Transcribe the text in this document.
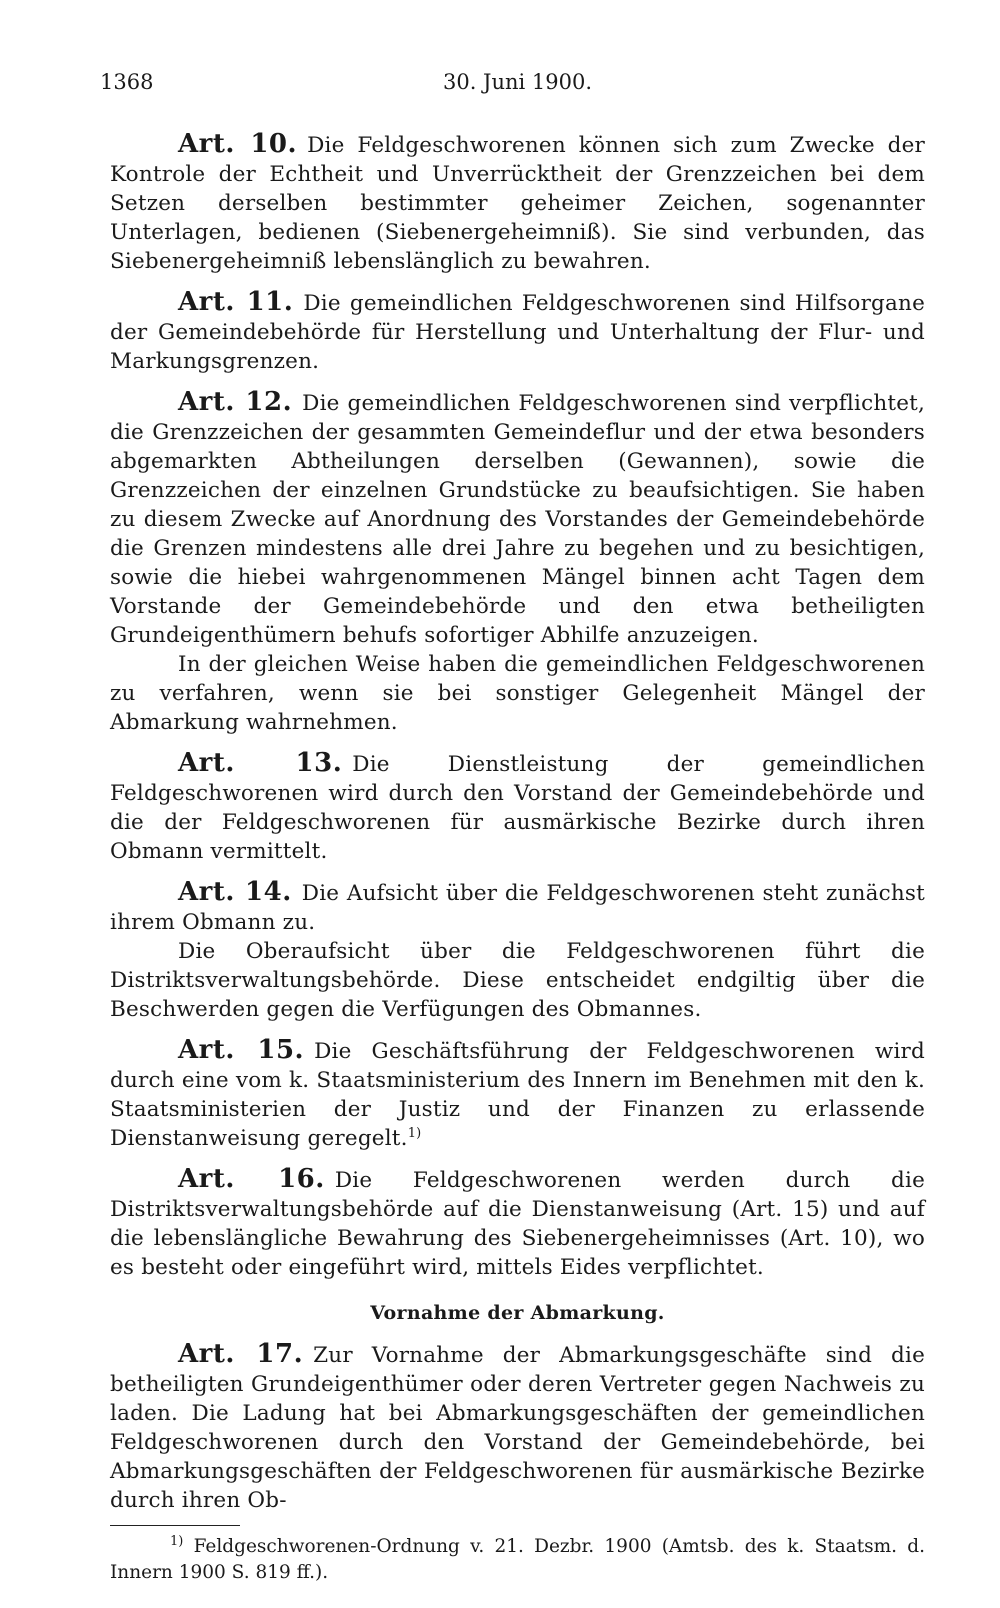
1368	30. Juni 1900.

Art. 10. Die Feldgeschworenen können sich zum Zwecke der Kontrole der Echtheit und Unverrücktheit der Grenzzeichen bei dem Setzen derselben bestimmter geheimer Zeichen, sogenannter Unterlagen, bedienen (Siebenergeheimniß). Sie sind verbunden, das Siebenergeheimniß lebenslänglich zu bewahren.

Art. 11. Die gemeindlichen Feldgeschworenen sind Hilfsorgane der Gemeindebehörde für Herstellung und Unterhaltung der Flur- und Markungsgrenzen.

Art. 12. Die gemeindlichen Feldgeschworenen sind verpflichtet, die Grenzzeichen der gesammten Gemeindeflur und der etwa besonders abgemarkten Abtheilungen derselben (Gewannen), sowie die Grenzzeichen der einzelnen Grundstücke zu beaufsichtigen. Sie haben zu diesem Zwecke auf Anordnung des Vorstandes der Gemeindebehörde die Grenzen mindestens alle drei Jahre zu begehen und zu besichtigen, sowie die hiebei wahrgenommenen Mängel binnen acht Tagen dem Vorstande der Gemeindebehörde und den etwa betheiligten Grundeigenthümern behufs sofortiger Abhilfe anzuzeigen.

In der gleichen Weise haben die gemeindlichen Feldgeschworenen zu verfahren, wenn sie bei sonstiger Gelegenheit Mängel der Abmarkung wahrnehmen.

Art. 13. Die Dienstleistung der gemeindlichen Feldgeschworenen wird durch den Vorstand der Gemeindebehörde und die der Feldgeschworenen für ausmärkische Bezirke durch ihren Obmann vermittelt.

Art. 14. Die Aufsicht über die Feldgeschworenen steht zunächst ihrem Obmann zu.

Die Oberaufsicht über die Feldgeschworenen führt die Distriktsverwaltungsbehörde. Diese entscheidet endgiltig über die Beschwerden gegen die Verfügungen des Obmannes.

Art. 15. Die Geschäftsführung der Feldgeschworenen wird durch eine vom k. Staatsministerium des Innern im Benehmen mit den k. Staatsministerien der Justiz und der Finanzen zu erlassende Dienstanweisung geregelt.$^{1)}$

Art. 16. Die Feldgeschworenen werden durch die Distriktsverwaltungsbehörde auf die Dienstanweisung (Art. 15) und auf die lebenslängliche Bewahrung des Siebenergeheimnisses (Art. 10), wo es besteht oder eingeführt wird, mittels Eides verpflichtet.

Vornahme der Abmarkung.

Art. 17. Zur Vornahme der Abmarkungsgeschäfte sind die betheiligten Grundeigenthümer oder deren Vertreter gegen Nachweis zu laden. Die Ladung hat bei Abmarkungsgeschäften der gemeindlichen Feldgeschworenen durch den Vorstand der Gemeindebehörde, bei Abmarkungsgeschäften der Feldgeschworenen für ausmärkische Bezirke durch ihren Ob-

$^{1)}$ Feldgeschworenen-Ordnung v. 21. Dezbr. 1900 (Amtsb. des k. Staatsm. d. Innern 1900 S. 819 ff.).
